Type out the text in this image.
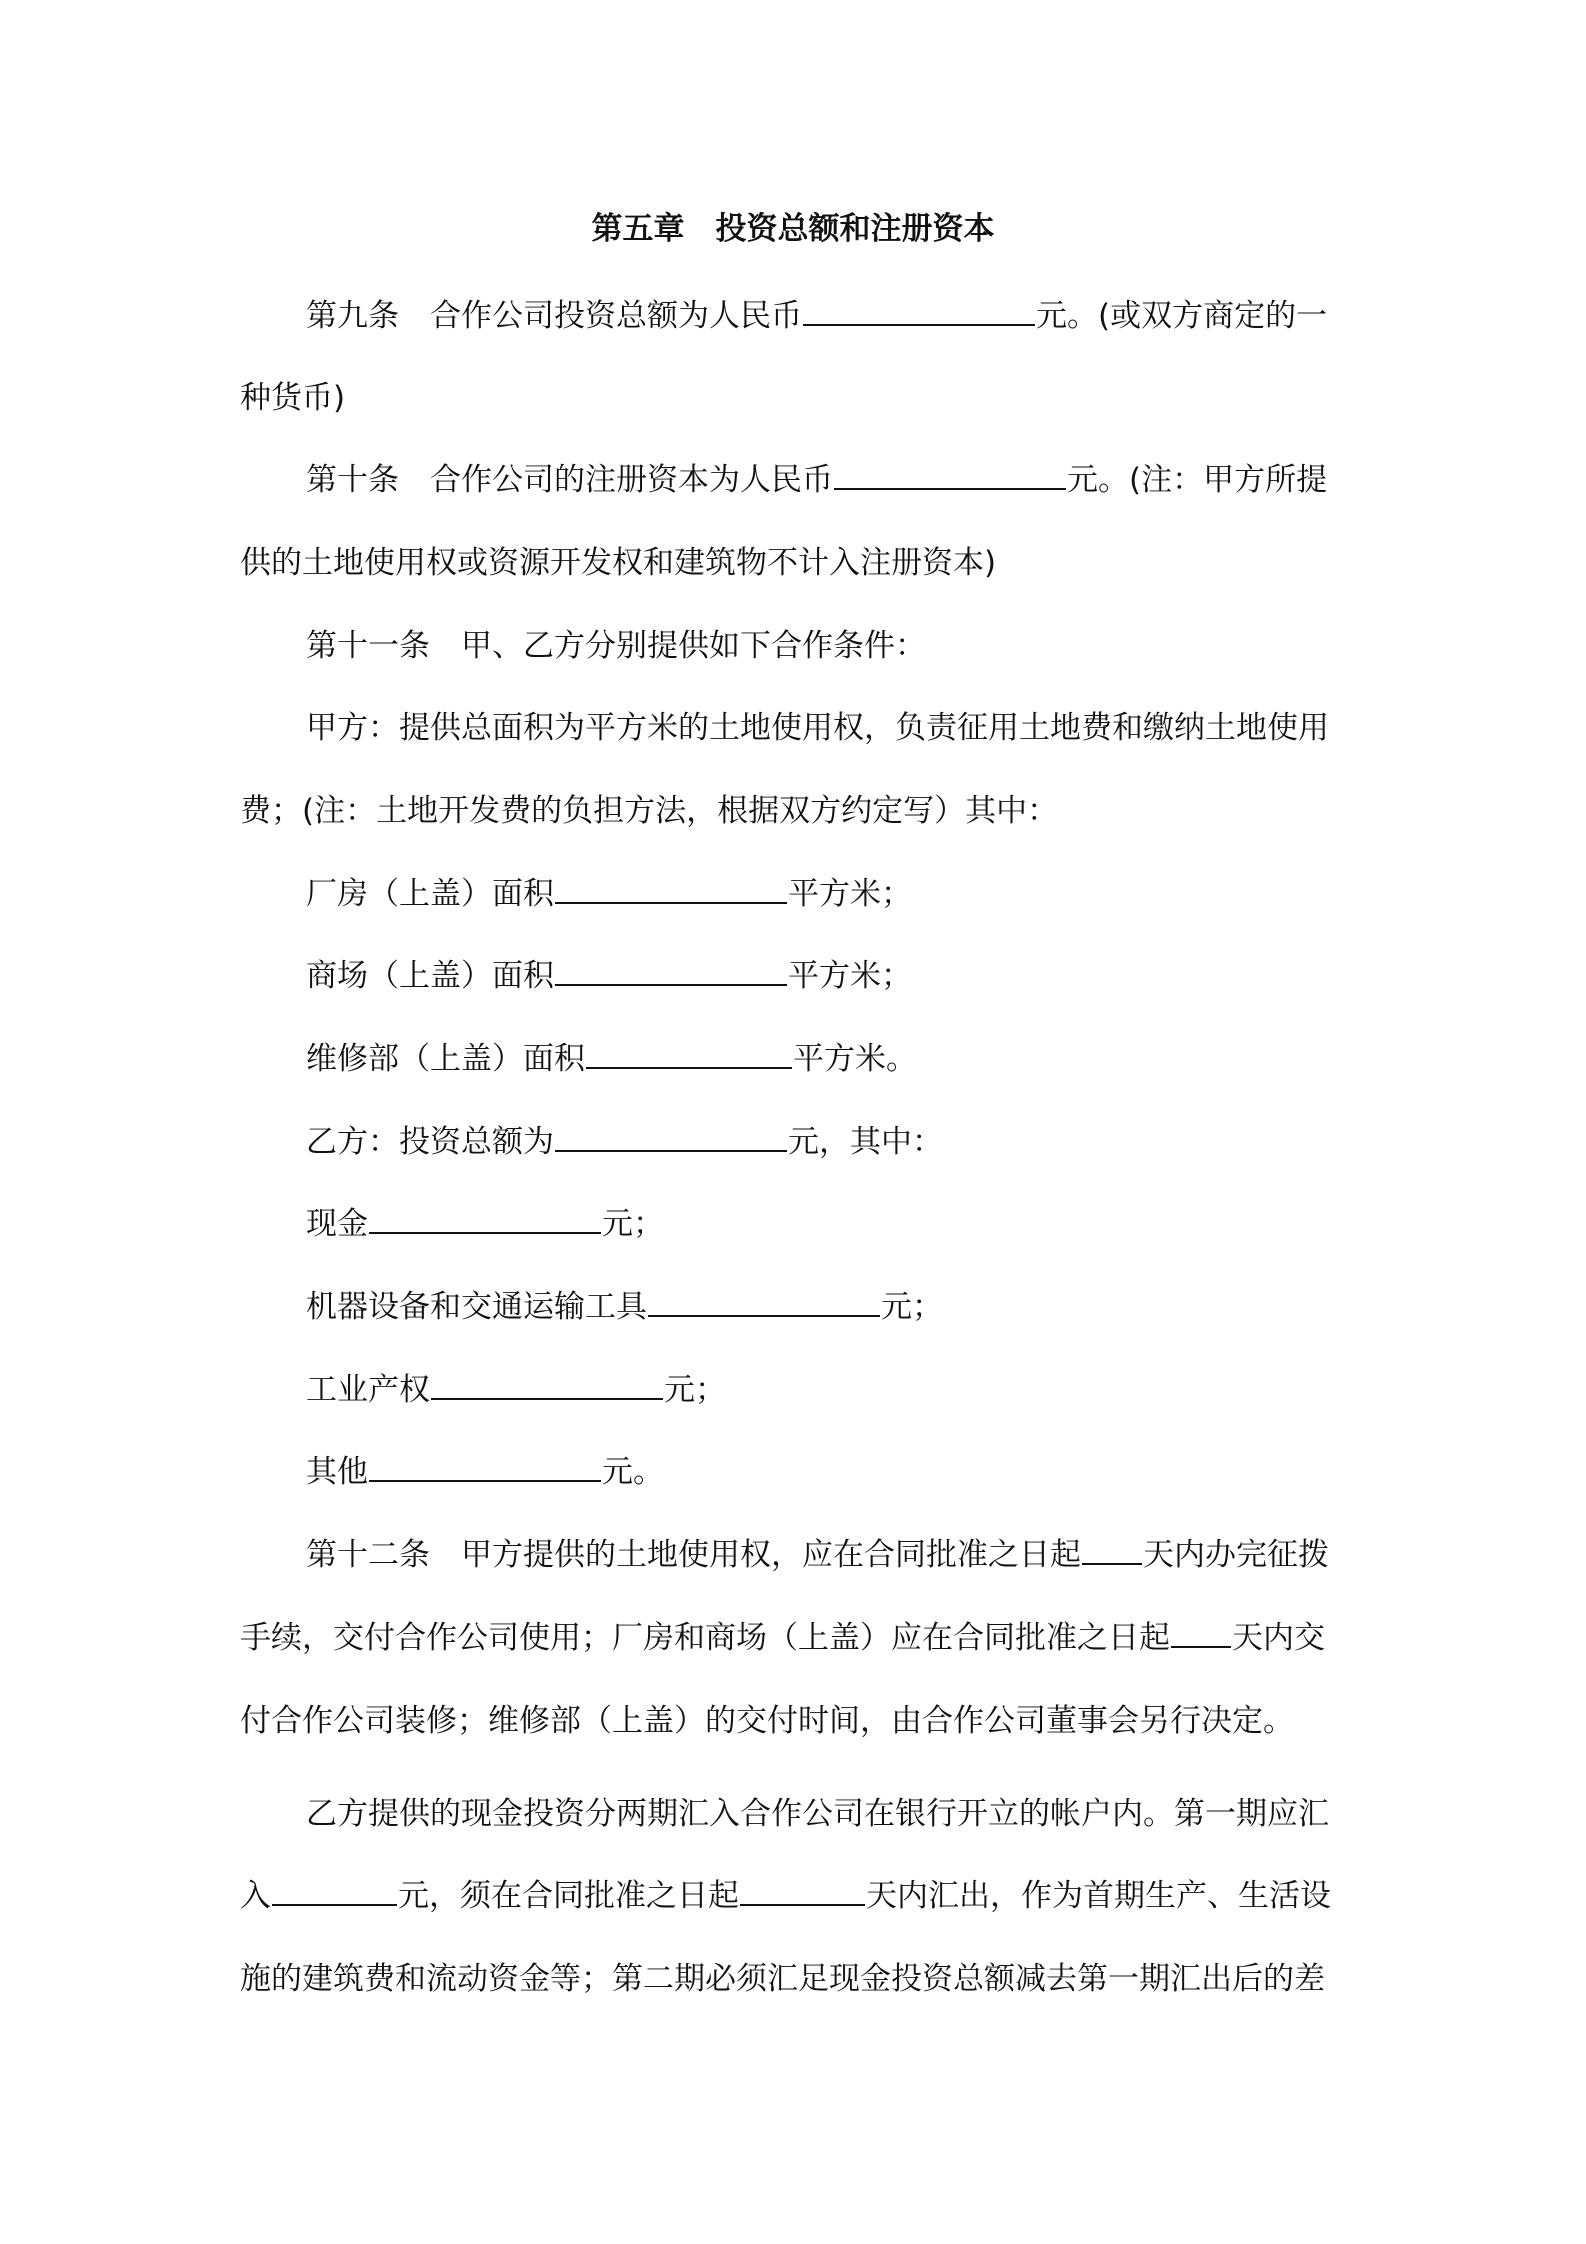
第五章　投资总额和注册资本
第九条　合作公司投资总额为人民币	元。(或双方商定的一
种货币)
第十条　合作公司的注册资本为人民币	元。(注：甲方所提
供的土地使用权或资源开发权和建筑物不计入注册资本)
第十一条　甲、乙方分别提供如下合作条件：
甲方：提供总面积为平方米的土地使用权，负责征用土地费和缴纳土地使用
费；(注：土地开发费的负担方法，根据双方约定写）其中：
厂房（上盖）面积	平方米；
商场（上盖）面积	平方米；
维修部（上盖）面积	平方米。
乙方：投资总额为	元，其中：
现金	元；
机器设备和交通运输工具	元；
工业产权	元；
其他	元。
第十二条　甲方提供的土地使用权，应在合同批准之日起 天内办完征拨
手续，交付合作公司使用；厂房和商场（上盖）应在合同批准之日起 天内交
付合作公司装修；维修部（上盖）的交付时间，由合作公司董事会另行决定。
乙方提供的现金投资分两期汇入合作公司在银行开立的帐户内。第一期应汇
入	元，须在合同批准之日起	天内汇出，作为首期生产、生活设
施的建筑费和流动资金等；第二期必须汇足现金投资总额减去第一期汇出后的差
